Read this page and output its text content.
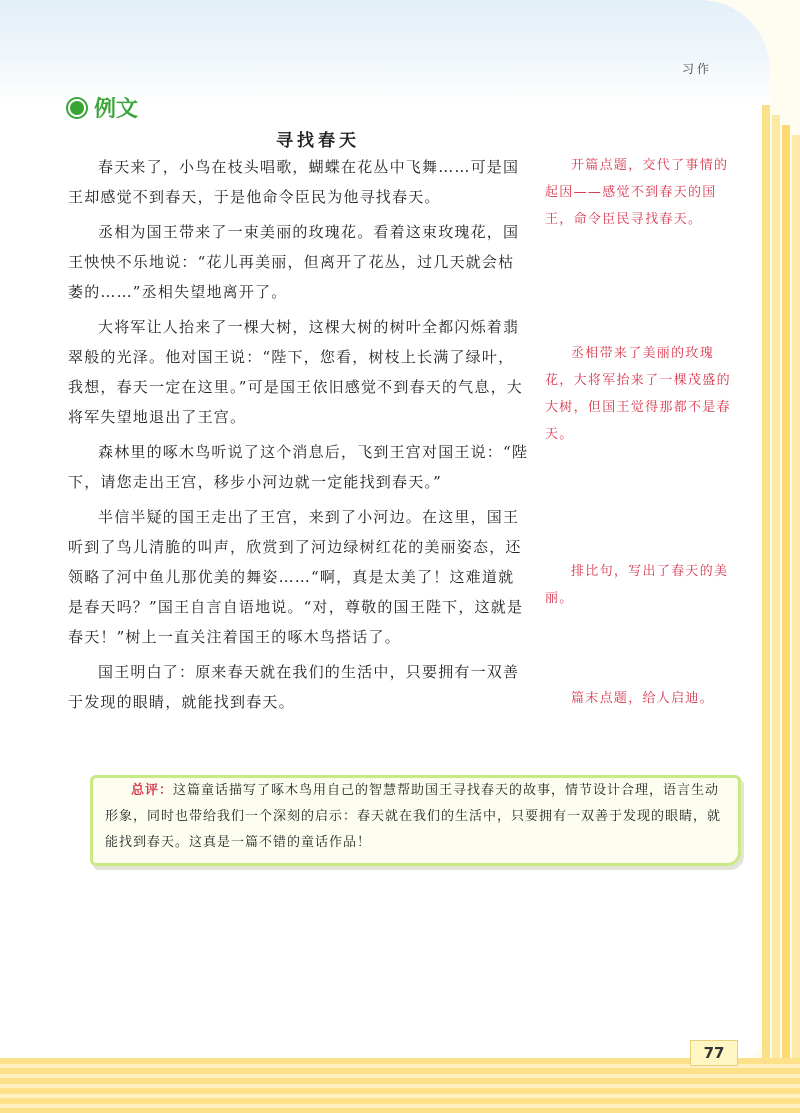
习作
例文
寻找春天

春天来了，小鸟在枝头唱歌，蝴蝶在花丛中飞舞……可是国王却感觉不到春天，于是他命令臣民为他寻找春天。

丞相为国王带来了一束美丽的玫瑰花。看着这束玫瑰花，国王怏怏不乐地说：“花儿再美丽，但离开了花丛，过几天就会枯萎的……”丞相失望地离开了。

大将军让人抬来了一棵大树，这棵大树的树叶全都闪烁着翡翠般的光泽。他对国王说：“陛下，您看，树枝上长满了绿叶，我想，春天一定在这里。”可是国王依旧感觉不到春天的气息，大将军失望地退出了王宫。

森林里的啄木鸟听说了这个消息后，飞到王宫对国王说：“陛下，请您走出王宫，移步小河边就一定能找到春天。”

半信半疑的国王走出了王宫，来到了小河边。在这里，国王听到了鸟儿清脆的叫声，欣赏到了河边绿树红花的美丽姿态，还领略了河中鱼儿那优美的舞姿……“啊，真是太美了！这难道就是春天吗？”国王自言自语地说。“对，尊敬的国王陛下，这就是春天！”树上一直关注着国王的啄木鸟搭话了。

国王明白了：原来春天就在我们的生活中，只要拥有一双善于发现的眼睛，就能找到春天。

开篇点题，交代了事情的起因——感觉不到春天的国王，命令臣民寻找春天。

丞相带来了美丽的玫瑰花，大将军抬来了一棵茂盛的大树，但国王觉得那都不是春天。

排比句，写出了春天的美丽。

篇末点题，给人启迪。

总评：这篇童话描写了啄木鸟用自己的智慧帮助国王寻找春天的故事，情节设计合理，语言生动形象，同时也带给我们一个深刻的启示：春天就在我们的生活中，只要拥有一双善于发现的眼睛，就能找到春天。这真是一篇不错的童话作品！
77
